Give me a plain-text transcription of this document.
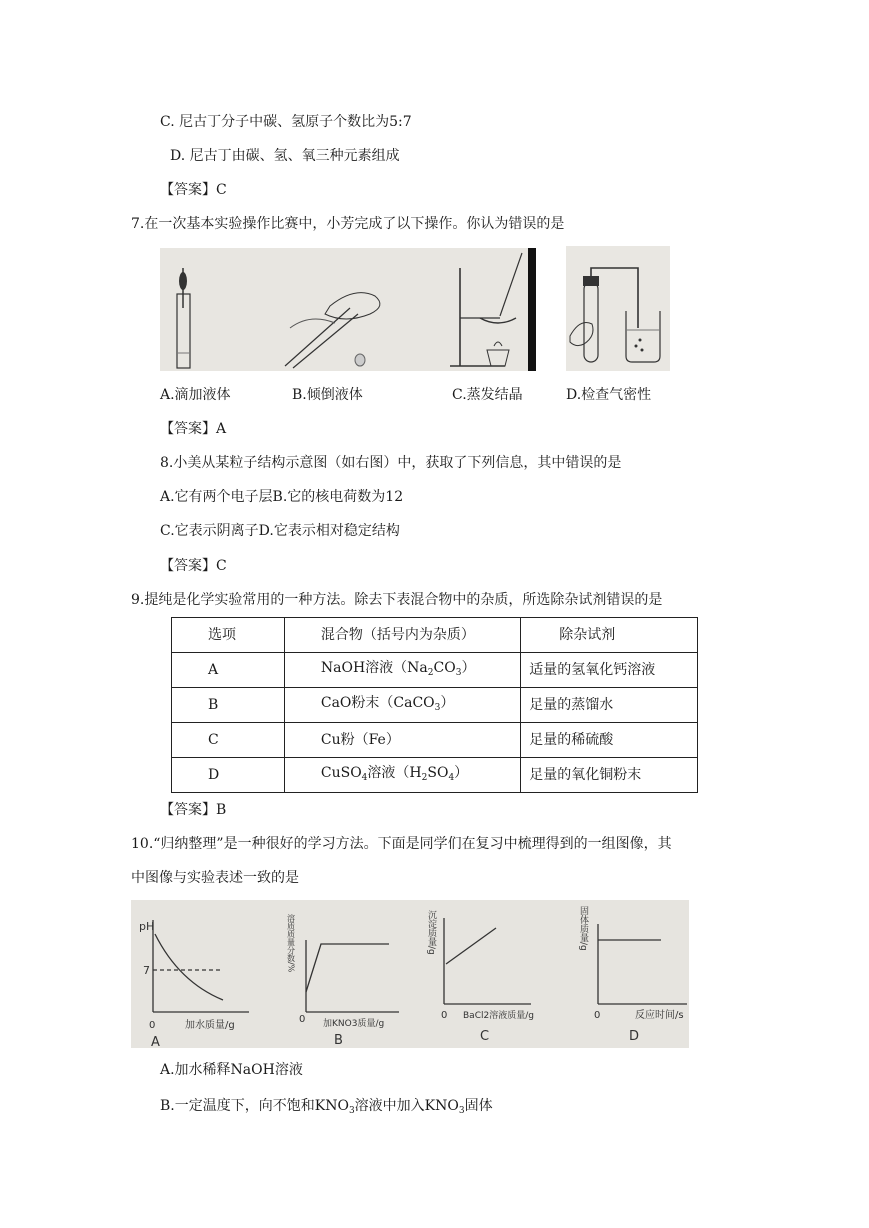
C. 尼古丁分子中碳、氢原子个数比为5:7
D. 尼古丁由碳、氢、氧三种元素组成
【答案】C
7.在一次基本实验操作比赛中，小芳完成了以下操作。你认为错误的是
A.滴加液体	B.倾倒液体	C.蒸发结晶	D.检查气密性
【答案】A
8.小美从某粒子结构示意图（如右图）中，获取了下列信息，其中错误的是
A.它有两个电子层B.它的核电荷数为12
C.它表示阴离子D.它表示相对稳定结构
【答案】C
9.提纯是化学实验常用的一种方法。除去下表混合物中的杂质，所选除杂试剂错误的是
选项	混合物（括号内为杂质）	除杂试剂
A	NaOH溶液$(Na_2CO_3)$	适量的氢氧化钙溶液
B	CaO粉末（CaCO$_3$）	足量的蒸馏水
C	Cu粉（Fe）	足量的稀硫酸
D	CuSO$_4$溶液$(H_2SO_4)$	足量的氧化铜粉末
【答案】B
10.“归纳整理”是一种很好的学习方法。下面是同学们在复习中梳理得到的一组图像，其
中图像与实验表述一致的是
pH
7
0	加水质量/g
A
溶质质量分数/%
0 加KNO3质量/g
B
沉淀质量/g
0 BaCl2溶液质量/g
C
固体质量/g
0	反应时间/s
D
A.加水稀释NaOH溶液
B.一定温度下，向不饱和$KNO_3$溶液中加入$KNO_3$固体
